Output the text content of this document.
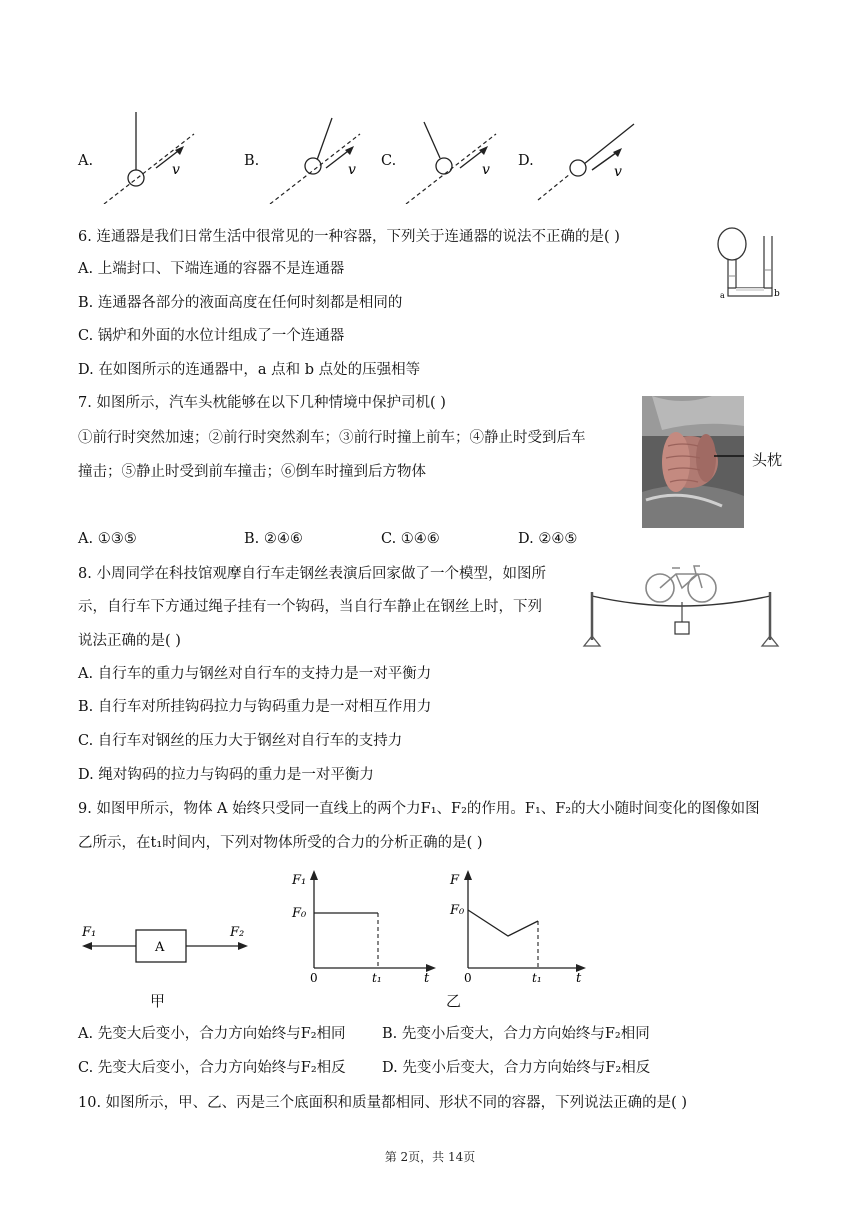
A.	B.	C.	D.
v	v	v	v
6. 连通器是我们日常生活中很常见的一种容器，下列关于连通器的说法不正确的是( )
A. 上端封口、下端连通的容器不是连通器
B. 连通器各部分的液面高度在任何时刻都是相同的
C. 锅炉和外面的水位计组成了一个连通器
D. 在如图所示的连通器中，a 点和 b 点处的压强相等
a	b
7. 如图所示，汽车头枕能够在以下几种情境中保护司机( )
①前行时突然加速；②前行时突然刹车；③前行时撞上前车；④静止时受到后车
撞击；⑤静止时受到前车撞击；⑥倒车时撞到后方物体
A. ①③⑤	B. ②④⑥	C. ①④⑥	D. ②④⑤
头枕
8. 小周同学在科技馆观摩自行车走钢丝表演后回家做了一个模型，如图所
示，自行车下方通过绳子挂有一个钩码，当自行车静止在钢丝上时，下列
说法正确的是( )
A. 自行车的重力与钢丝对自行车的支持力是一对平衡力
B. 自行车对所挂钩码拉力与钩码重力是一对相互作用力
C. 自行车对钢丝的压力大于钢丝对自行车的支持力
D. 绳对钩码的拉力与钩码的重力是一对平衡力
9. 如图甲所示，物体 A 始终只受同一直线上的两个力F₁、F₂的作用。F₁、F₂的大小随时间变化的图像如图
乙所示，在t₁时间内，下列对物体所受的合力的分析正确的是( )
F₁
A
F₂
甲
F₁
F₀
0	t₁	t
F
F₀
0	t₁	t
乙
A. 先变大后变小，合力方向始终与F₂相同	B. 先变小后变大，合力方向始终与F₂相同
C. 先变大后变小，合力方向始终与F₂相反	D. 先变小后变大，合力方向始终与F₂相反
10. 如图所示，甲、乙、丙是三个底面积和质量都相同、形状不同的容器，下列说法正确的是( )
第 2页，共 14页
